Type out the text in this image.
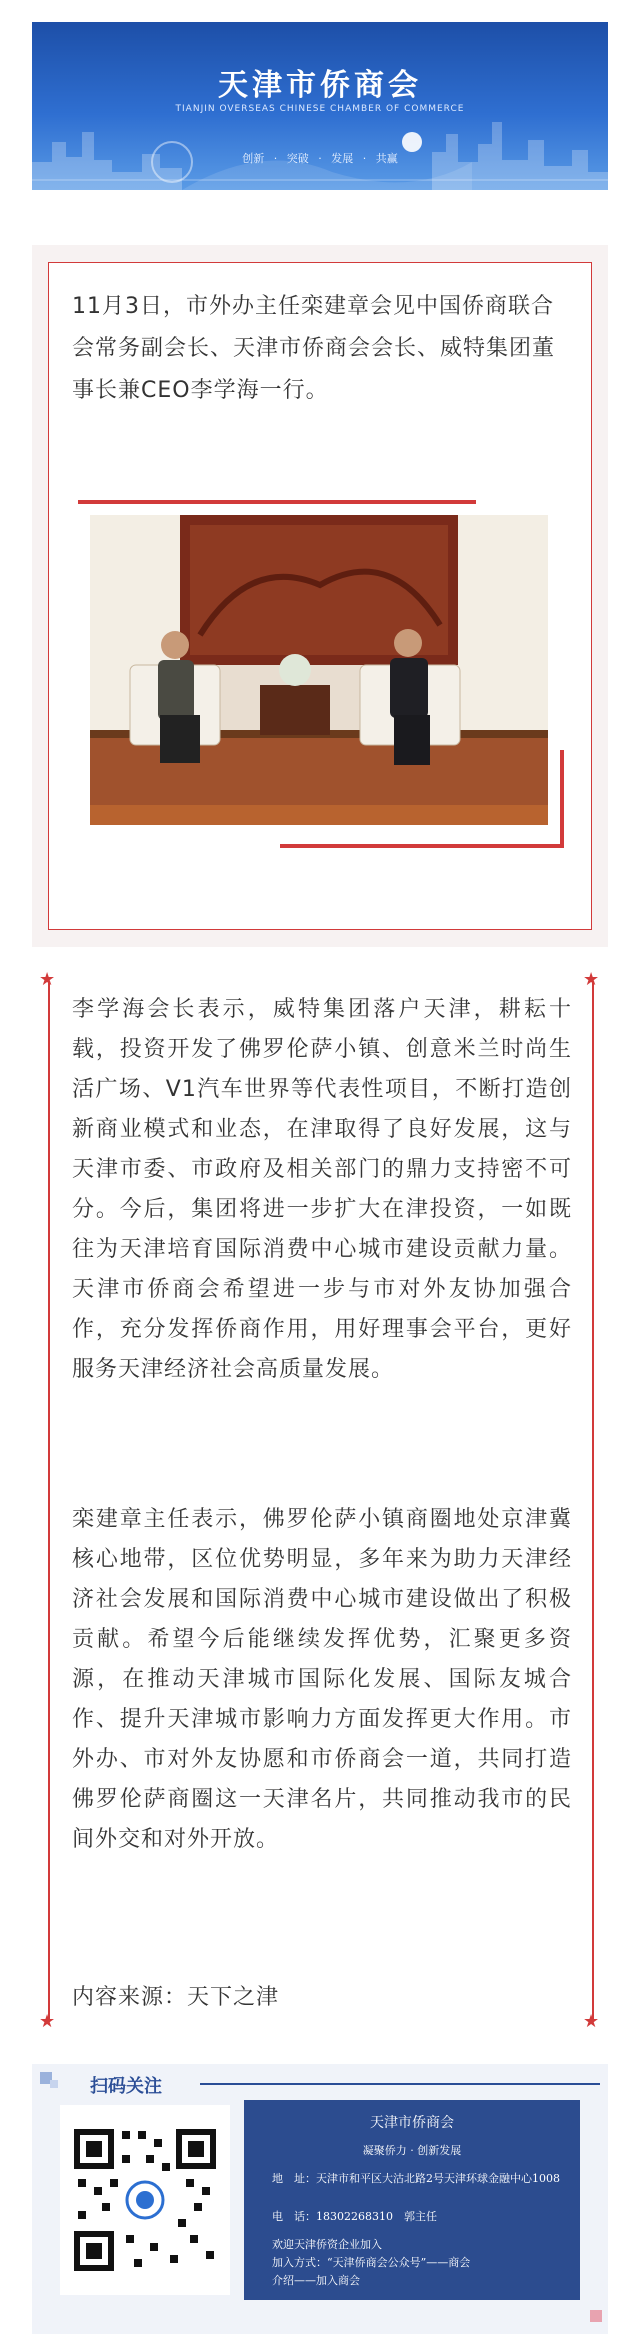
天津市侨商会
TIANJIN OVERSEAS CHINESE CHAMBER OF COMMERCE
创新 · 突破 · 发展 · 共赢
11月3日，市外办主任栾建章会见中国侨商联合会常务副会长、天津市侨商会会长、威特集团董事长兼CEO李学海一行。
★	★
★	★
李学海会长表示，威特集团落户天津，耕耘十载，投资开发了佛罗伦萨小镇、创意米兰时尚生活广场、V1汽车世界等代表性项目，不断打造创新商业模式和业态，在津取得了良好发展，这与天津市委、市政府及相关部门的鼎力支持密不可分。今后，集团将进一步扩大在津投资，一如既往为天津培育国际消费中心城市建设贡献力量。天津市侨商会希望进一步与市对外友协加强合作，充分发挥侨商作用，用好理事会平台，更好服务天津经济社会高质量发展。
栾建章主任表示，佛罗伦萨小镇商圈地处京津冀核心地带，区位优势明显，多年来为助力天津经济社会发展和国际消费中心城市建设做出了积极贡献。希望今后能继续发挥优势，汇聚更多资源，在推动天津城市国际化发展、国际友城合作、提升天津城市影响力方面发挥更大作用。市外办、市对外友协愿和市侨商会一道，共同打造佛罗伦萨商圈这一天津名片，共同推动我市的民间外交和对外开放。
内容来源：天下之津
扫码关注
天津市侨商会
凝聚侨力 · 创新发展
地　址：天津市和平区大沽北路2号天津环球金融中心1008
电　话：18302268310　郭主任
欢迎天津侨资企业加入
加入方式：“天津侨商会公众号”——商会
介绍——加入商会
